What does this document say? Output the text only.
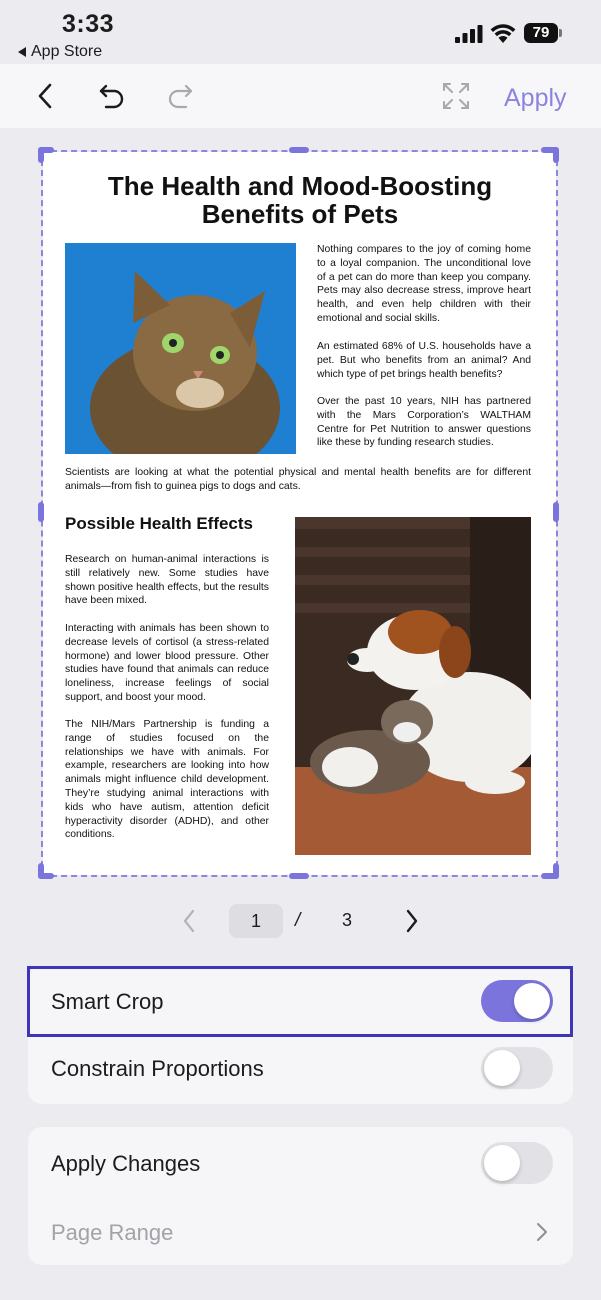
3:33
App Store
79
Apply
The Health and Mood-Boosting Benefits of Pets
Nothing compares to the joy of coming home to a loyal companion. The unconditional love of a pet can do more than keep you company. Pets may also decrease stress, improve heart health, and even help children with their emotional and social skills.
An estimated 68% of U.S. households have a pet. But who benefits from an animal? And which type of pet brings health benefits?
Over the past 10 years, NIH has partnered with the Mars Corporation’s WALTHAM Centre for Pet Nutrition to answer questions like these by funding research studies.
Scientists are looking at what the potential physical and mental health benefits are for different animals—from fish to guinea pigs to dogs and cats.
Possible Health Effects
Research on human-animal interactions is still relatively new. Some studies have shown positive health effects, but the results have been mixed.
Interacting with animals has been shown to decrease levels of cortisol (a stress-related hormone) and lower blood pressure. Other studies have found that animals can reduce loneliness, increase feelings of social support, and boost your mood.
The NIH/Mars Partnership is funding a range of studies focused on the relationships we have with animals. For example, researchers are looking into how animals might influence child development. They’re studying animal interactions with kids who have autism, attention deficit hyperactivity disorder (ADHD), and other conditions.
1	/ 3
Smart Crop
Constrain Proportions
Apply Changes
Page Range
